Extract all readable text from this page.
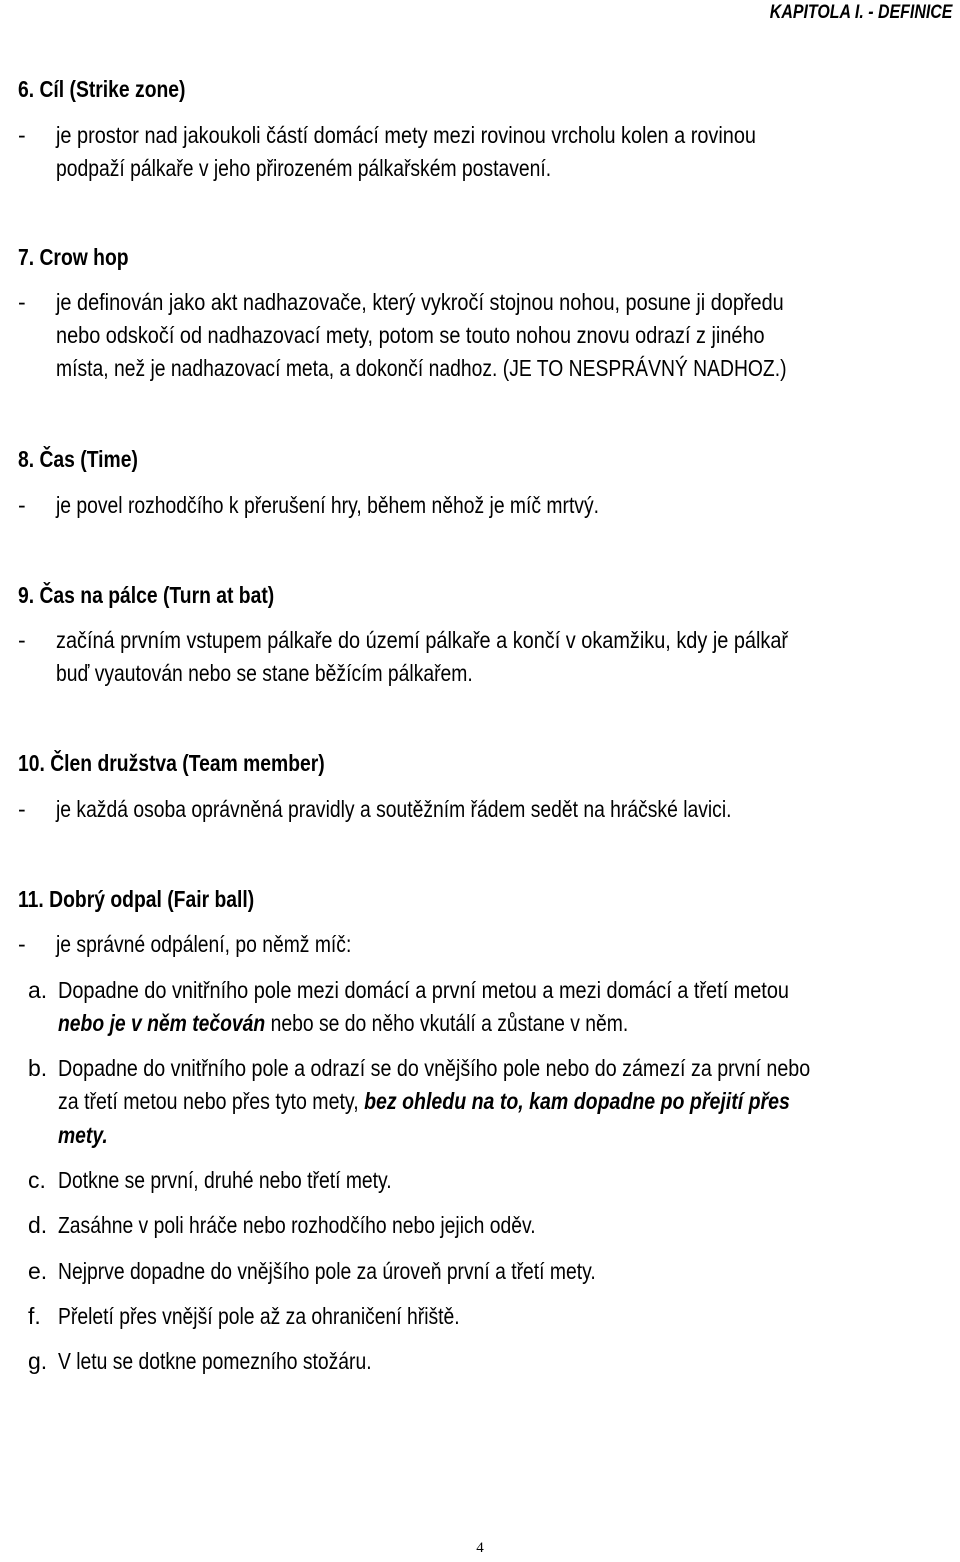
KAPITOLA I. - DEFINICE
6. Cíl (Strike zone)
- je prostor nad jakoukoli částí domácí mety mezi rovinou vrcholu kolen a rovinou
podpaží pálkaře v jeho přirozeném pálkařském postavení.
7. Crow hop
- je definován jako akt nadhazovače, který vykročí stojnou nohou, posune ji dopředu
nebo odskočí od nadhazovací mety, potom se touto nohou znovu odrazí z jiného
místa, než je nadhazovací meta, a dokončí nadhoz. (JE TO NESPRÁVNÝ NADHOZ.)
8. Čas (Time)
- je povel rozhodčího k přerušení hry, během něhož je míč mrtvý.
9. Čas na pálce (Turn at bat)
- začíná prvním vstupem pálkaře do území pálkaře a končí v okamžiku, kdy je pálkař
buď vyautován nebo se stane běžícím pálkařem.
10. Člen družstva (Team member)
- je každá osoba oprávněná pravidly a soutěžním řádem sedět na hráčské lavici.
11. Dobrý odpal (Fair ball)
- je správné odpálení, po němž míč:
a. Dopadne do vnitřního pole mezi domácí a první metou a mezi domácí a třetí metou
nebo je v něm tečován nebo se do něho vkutálí a zůstane v něm.
b. Dopadne do vnitřního pole a odrazí se do vnějšího pole nebo do zámezí za první nebo
za třetí metou nebo přes tyto mety, bez ohledu na to, kam dopadne po přejití přes
mety.
c. Dotkne se první, druhé nebo třetí mety.
d. Zasáhne v poli hráče nebo rozhodčího nebo jejich oděv.
e. Nejprve dopadne do vnějšího pole za úroveň první a třetí mety.
f. Přeletí přes vnější pole až za ohraničení hřiště.
g. V letu se dotkne pomezního stožáru.
4
